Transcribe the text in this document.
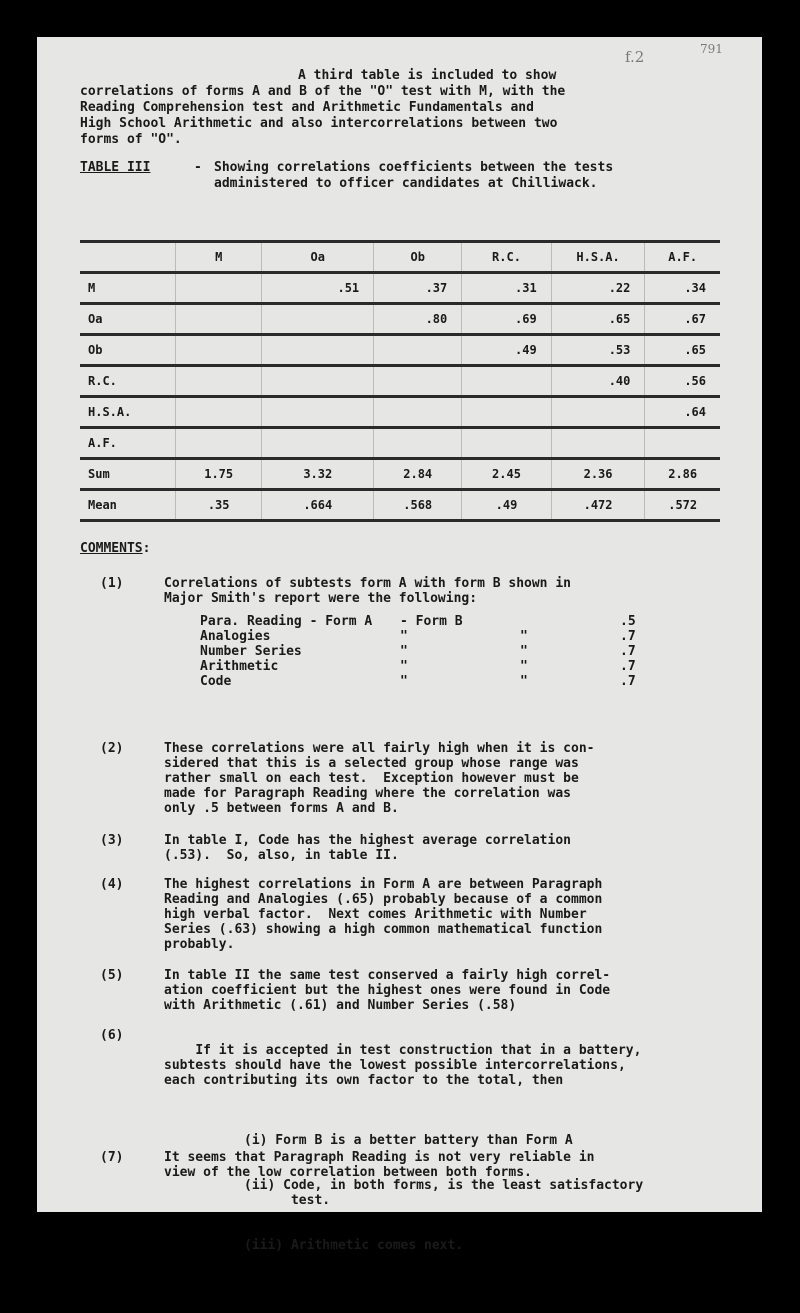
f.2	791
A third table is included to show
correlations of forms A and B of the "O" test with M, with the
Reading Comprehension test and Arithmetic Fundamentals and
High School Arithmetic and also intercorrelations between two
forms of "O".
TABLE III	- Showing correlations coefficients between the tests administered to officer candidates at Chilliwack.
	M	Oa	Ob	R.C.	H.S.A.	A.F.
M		.51	.37	.31	.22	.34
Oa			.80	.69	.65	.67
Ob				.49	.53	.65
R.C.					.40	.56
H.S.A.						.64
A.F.						
Sum	1.75	3.32	2.84	2.45	2.36	2.86
Mean	.35	.664	.568	.49	.472	.572
COMMENTS:
(1)	Correlations of subtests form A with form B shown in
Major Smith's report were the following:
Para. Reading - Form A	- Form B	.5
Analogies	"	"	.7
Number Series	"	"	.7
Arithmetic	"	"	.7
Code	"	"	.7
(2)	These correlations were all fairly high when it is con-
sidered that this is a selected group whose range was
rather small on each test.  Exception however must be
made for Paragraph Reading where the correlation was
only .5 between forms A and B.
(3)	In table I, Code has the highest average correlation
(.53).  So, also, in table II.
(4)	The highest correlations in Form A are between Paragraph
Reading and Analogies (.65) probably because of a common
high verbal factor.  Next comes Arithmetic with Number
Series (.63) showing a high common mathematical function
probably.
(5)	In table II the same test conserved a fairly high correl-
ation coefficient but the highest ones were found in Code
with Arithmetic (.61) and Number Series (.58)
(6)

If it is accepted in test construction that in a battery,
subtests should have the lowest possible intercorrelations,
each contributing its own factor to the total, then

(i) Form B is a better battery than Form A

(ii) Code, in both forms, is the least satisfactory
test.

(iii) Arithmetic comes next.

(7)	It seems that Paragraph Reading is not very reliable in
view of the low correlation between both forms.
